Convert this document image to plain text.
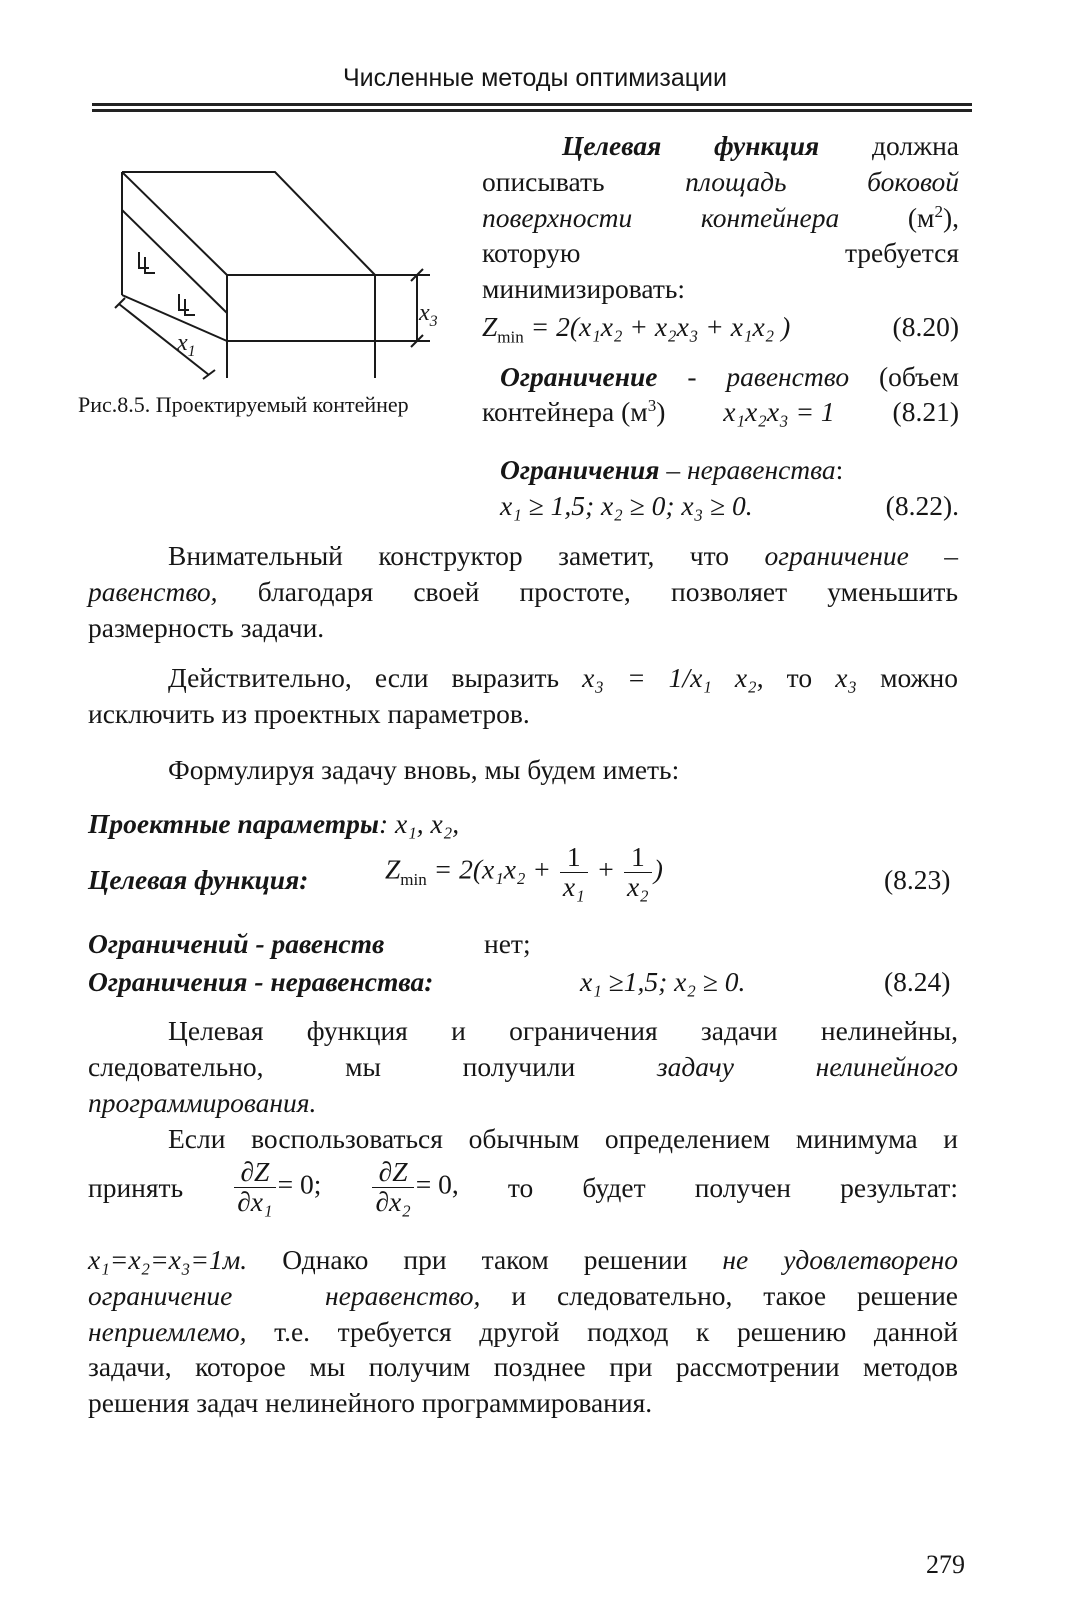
Численные методы оптимизации
$x_1$
$x_3$
Рис.8.5. Проектируемый контейнер
Целевая функция должна
описывать	площадь	боковой
поверхности контейнера $(м^2)$,
которую	требуется
минимизировать:
$Z_{min} = 2(x_1x_2 + x_2x_3 + x_1x_2$ )	(8.20)
Ограничение - равенство (объем
контейнера $(м^3) x_1x_2x_3 = 1$ (8.21)
Ограничения – неравенства:
x₁ ≥ 1,5; x₂ ≥ 0; x₃ ≥ 0.	(8.22).
Внимательный конструктор заметит, что ограничение –
равенство, благодаря своей простоте, позволяет уменьшить
размерность задачи.
Действительно, если выразить x₃ = 1/x₁ x₂, то x₃ можно
исключить из проектных параметров.
Формулируя задачу вновь, мы будем иметь:
Проектные параметры: x₁, x₂,
Целевая функция:	$Z_{min} = 2(x_1x_2 + \frac{1}{\text{x₁}} + \frac{1}{\text{x₂}}$ )	(8.23)
Ограничений - равенств	нет;
Ограничения - неравенства:	x₁ ≥1,5; x₂ ≥ 0.	(8.24)
Целевая функция и ограничения задачи нелинейны,
следовательно,	мы	получили	задачу	нелинейного
программирования.
Если воспользоваться обычным определением минимума и
принять $\frac{\partial Z}{\text{∂x₁}} = 0$; $\frac{\partial Z}{\text{∂x₂}} = 0$, то будет получен результат:
x₁=x₂=x₃=1м. Однако при таком решении не удовлетворено
ограничение	неравенство, и следовательно, такое решение
неприемлемо, т.е. требуется другой подход к решению данной
задачи, которое мы получим позднее при рассмотрении методов
решения задач нелинейного программирования.
279
